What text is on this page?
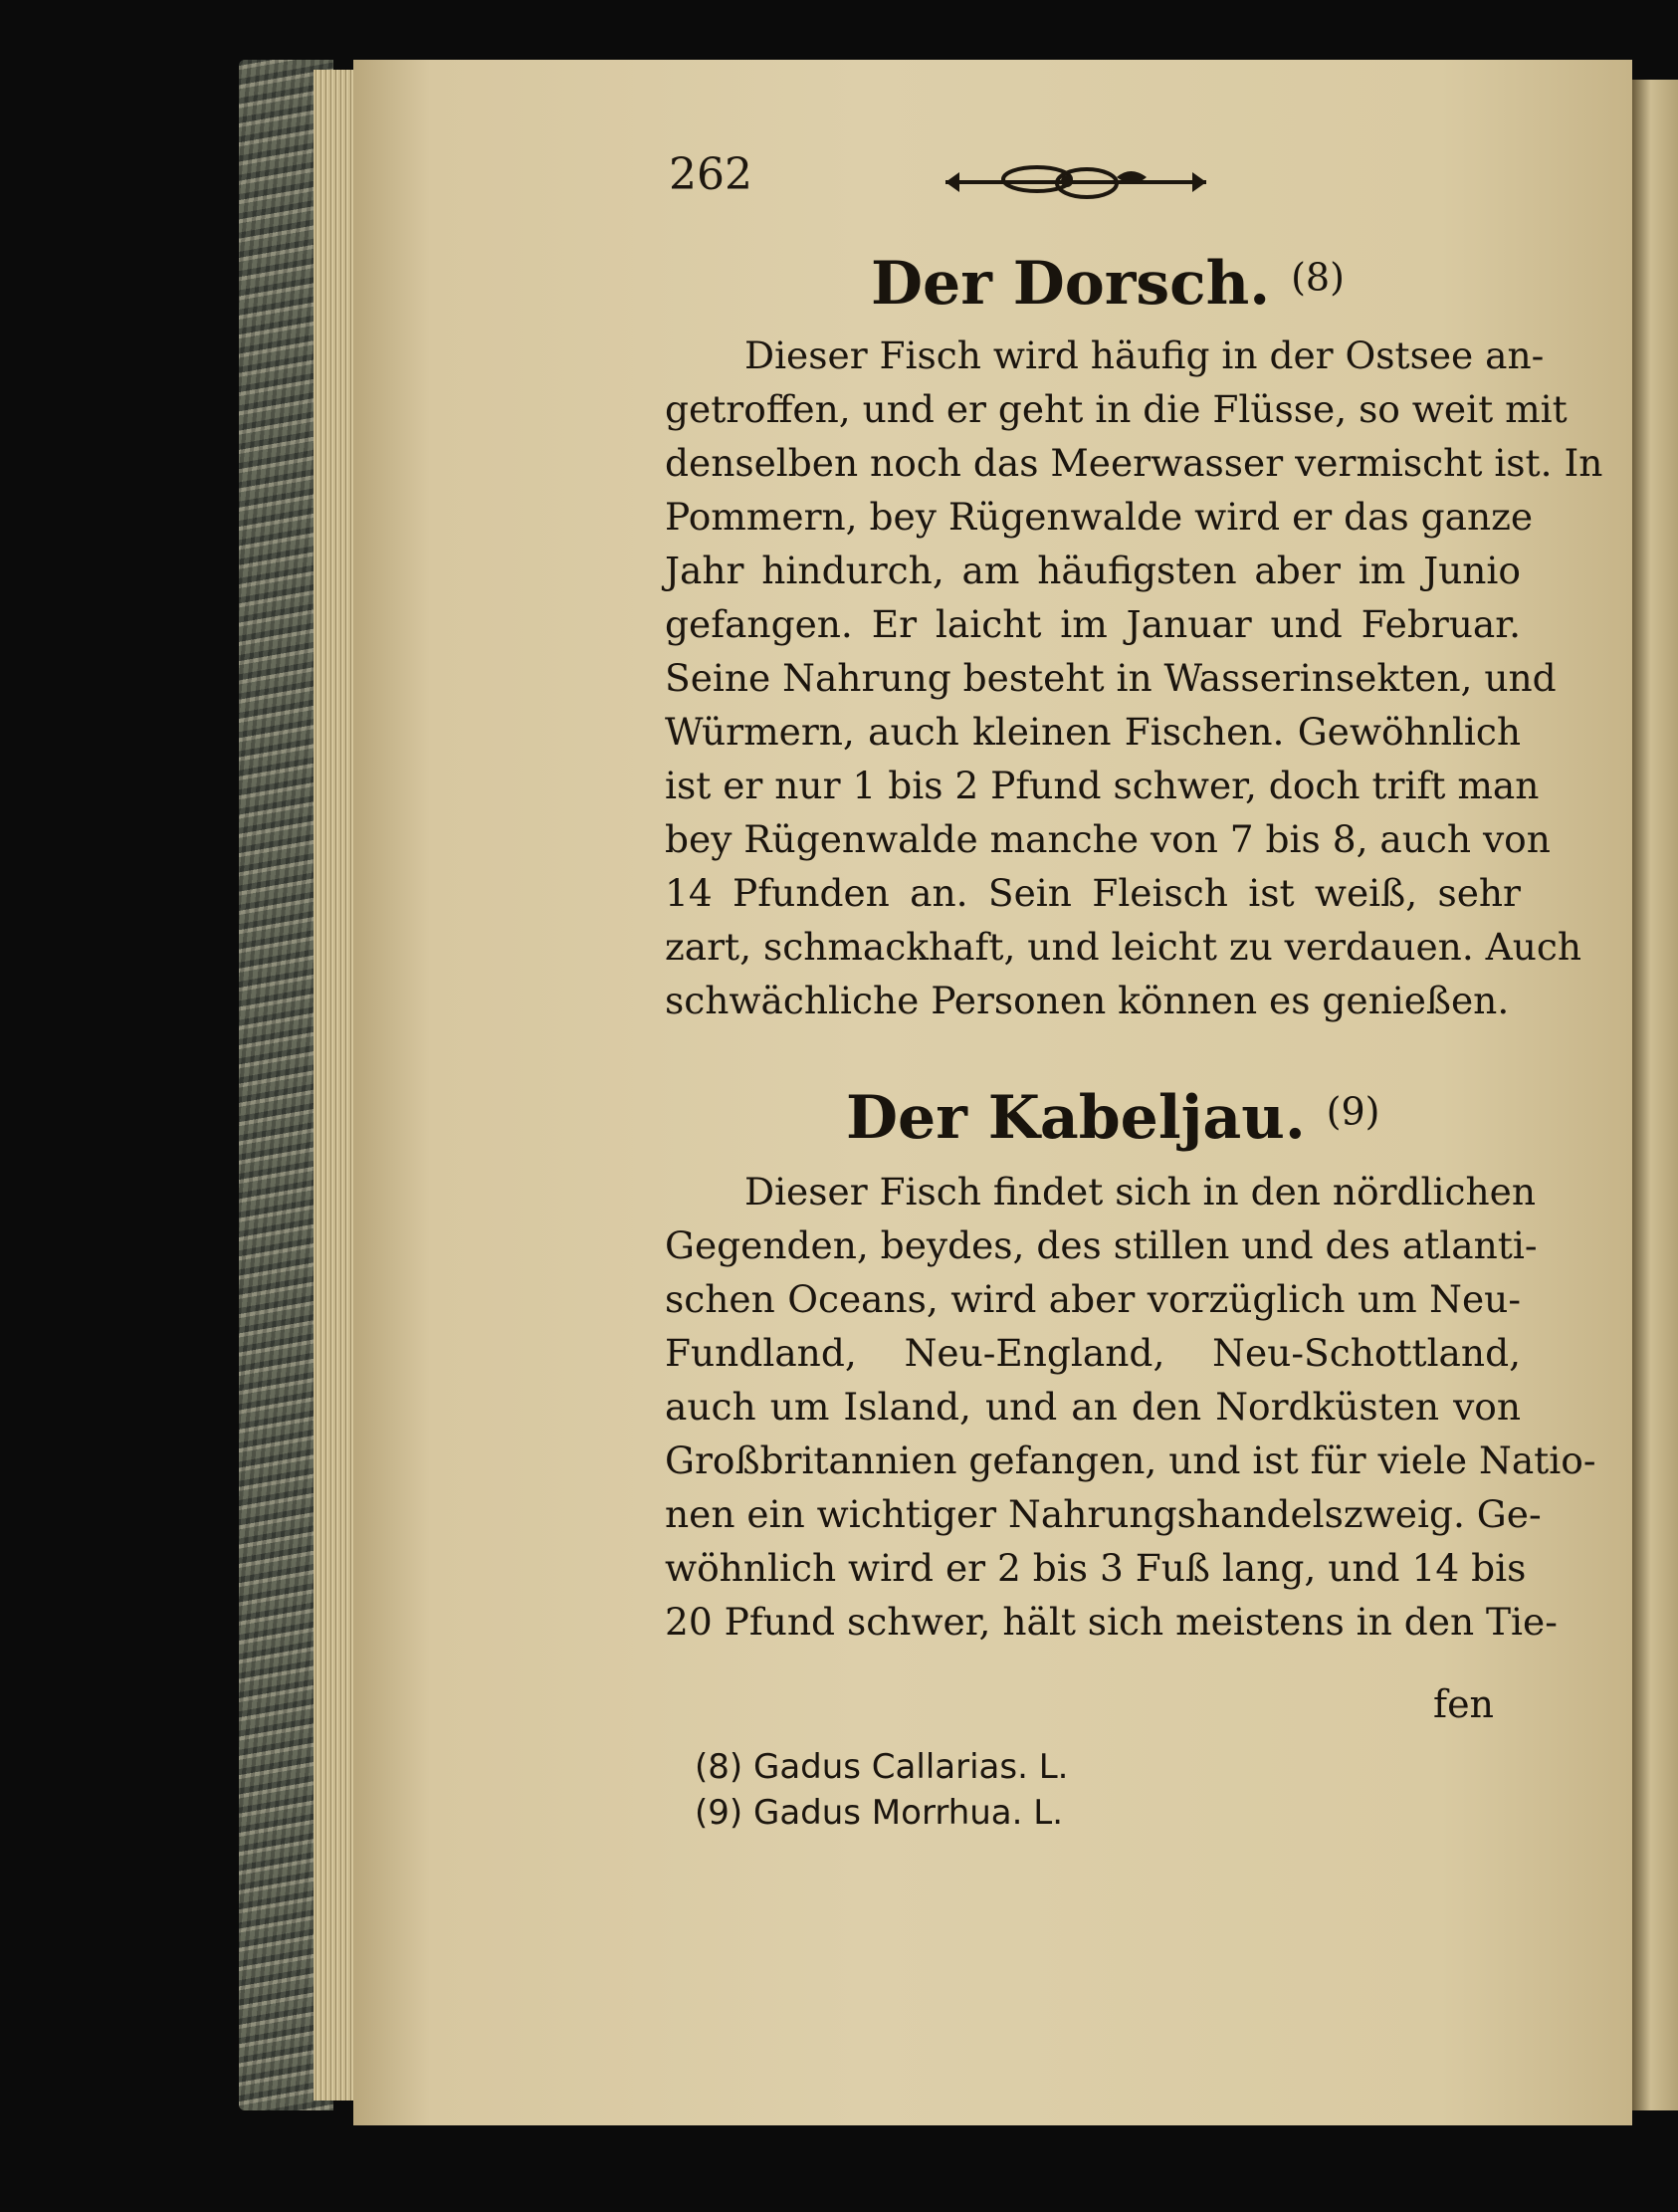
262
Der Dorsch. $^{(8)}$
Dieser Fisch wird häufig in der Ostsee an-
getroffen, und er geht in die Flüsse, so weit mit
denselben noch das Meerwasser vermischt ist. In
Pommern, bey Rügenwalde wird er das ganze
Jahr hindurch, am häufigsten aber im Junio
gefangen. Er laicht im Januar und Februar.
Seine Nahrung besteht in Wasserinsekten, und
Würmern, auch kleinen Fischen. Gewöhnlich
ist er nur 1 bis 2 Pfund schwer, doch trift man
bey Rügenwalde manche von 7 bis 8, auch von
14 Pfunden an. Sein Fleisch ist weiß, sehr
zart, schmackhaft, und leicht zu verdauen. Auch
schwächliche Personen können es genießen.
Der Kabeljau. $^{(9)}$
Dieser Fisch findet sich in den nördlichen
Gegenden, beydes, des stillen und des atlanti-
schen Oceans, wird aber vorzüglich um Neu-
Fundland, Neu-England, Neu-Schottland,
auch um Island, und an den Nordküsten von
Großbritannien gefangen, und ist für viele Natio-
nen ein wichtiger Nahrungshandelszweig. Ge-
wöhnlich wird er 2 bis 3 Fuß lang, und 14 bis
20 Pfund schwer, hält sich meistens in den Tie-
fen
(8) Gadus Callarias. L.
(9) Gadus Morrhua. L.
